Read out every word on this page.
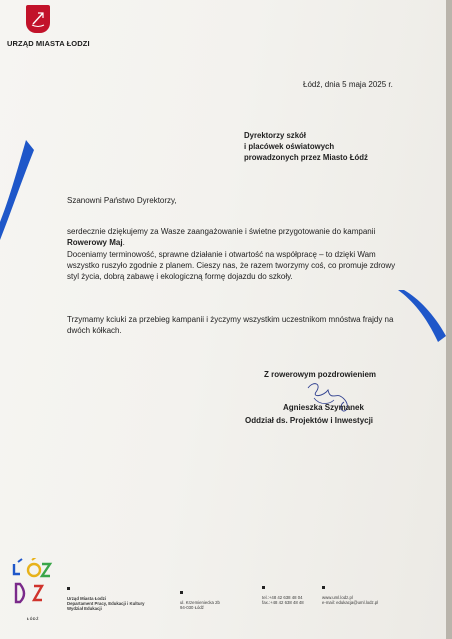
URZĄD MIASTA ŁODZI
Łódź, dnia 5 maja 2025 r.
Dyrektorzy szkół
i placówek oświatowych
prowadzonych przez Miasto Łódź
Szanowni Państwo Dyrektorzy,
serdecznie dziękujemy za Wasze zaangażowanie i świetne przygotowanie do kampanii
Rowerowy Maj.
Doceniamy terminowość, sprawne działanie i otwartość na współpracę – to dzięki Wam wszystko ruszyło zgodnie z planem. Cieszy nas, że razem tworzymy coś, co promuje zdrowy styl życia, dobrą zabawę i ekologiczną formę dojazdu do szkoły.
Trzymamy kciuki za przebieg kampanii i życzymy wszystkim uczestnikom mnóstwa frajdy na dwóch kółkach.
Z rowerowym pozdrowieniem
Agnieszka Szymanek
Oddział ds. Projektów i Inwestycji
ŁÓDŹ
Urząd Miasta Łodzi
Departament Pracy, Edukacji i Kultury
Wydział Edukacji
ul. Krzemieniecka 2b
94-030 Łódź
tel.:+48 42 638 48 04
fax.:+48 42 638 48 48
www.uml.lodz.pl
e-mail: edukacja@uml.lodz.pl
